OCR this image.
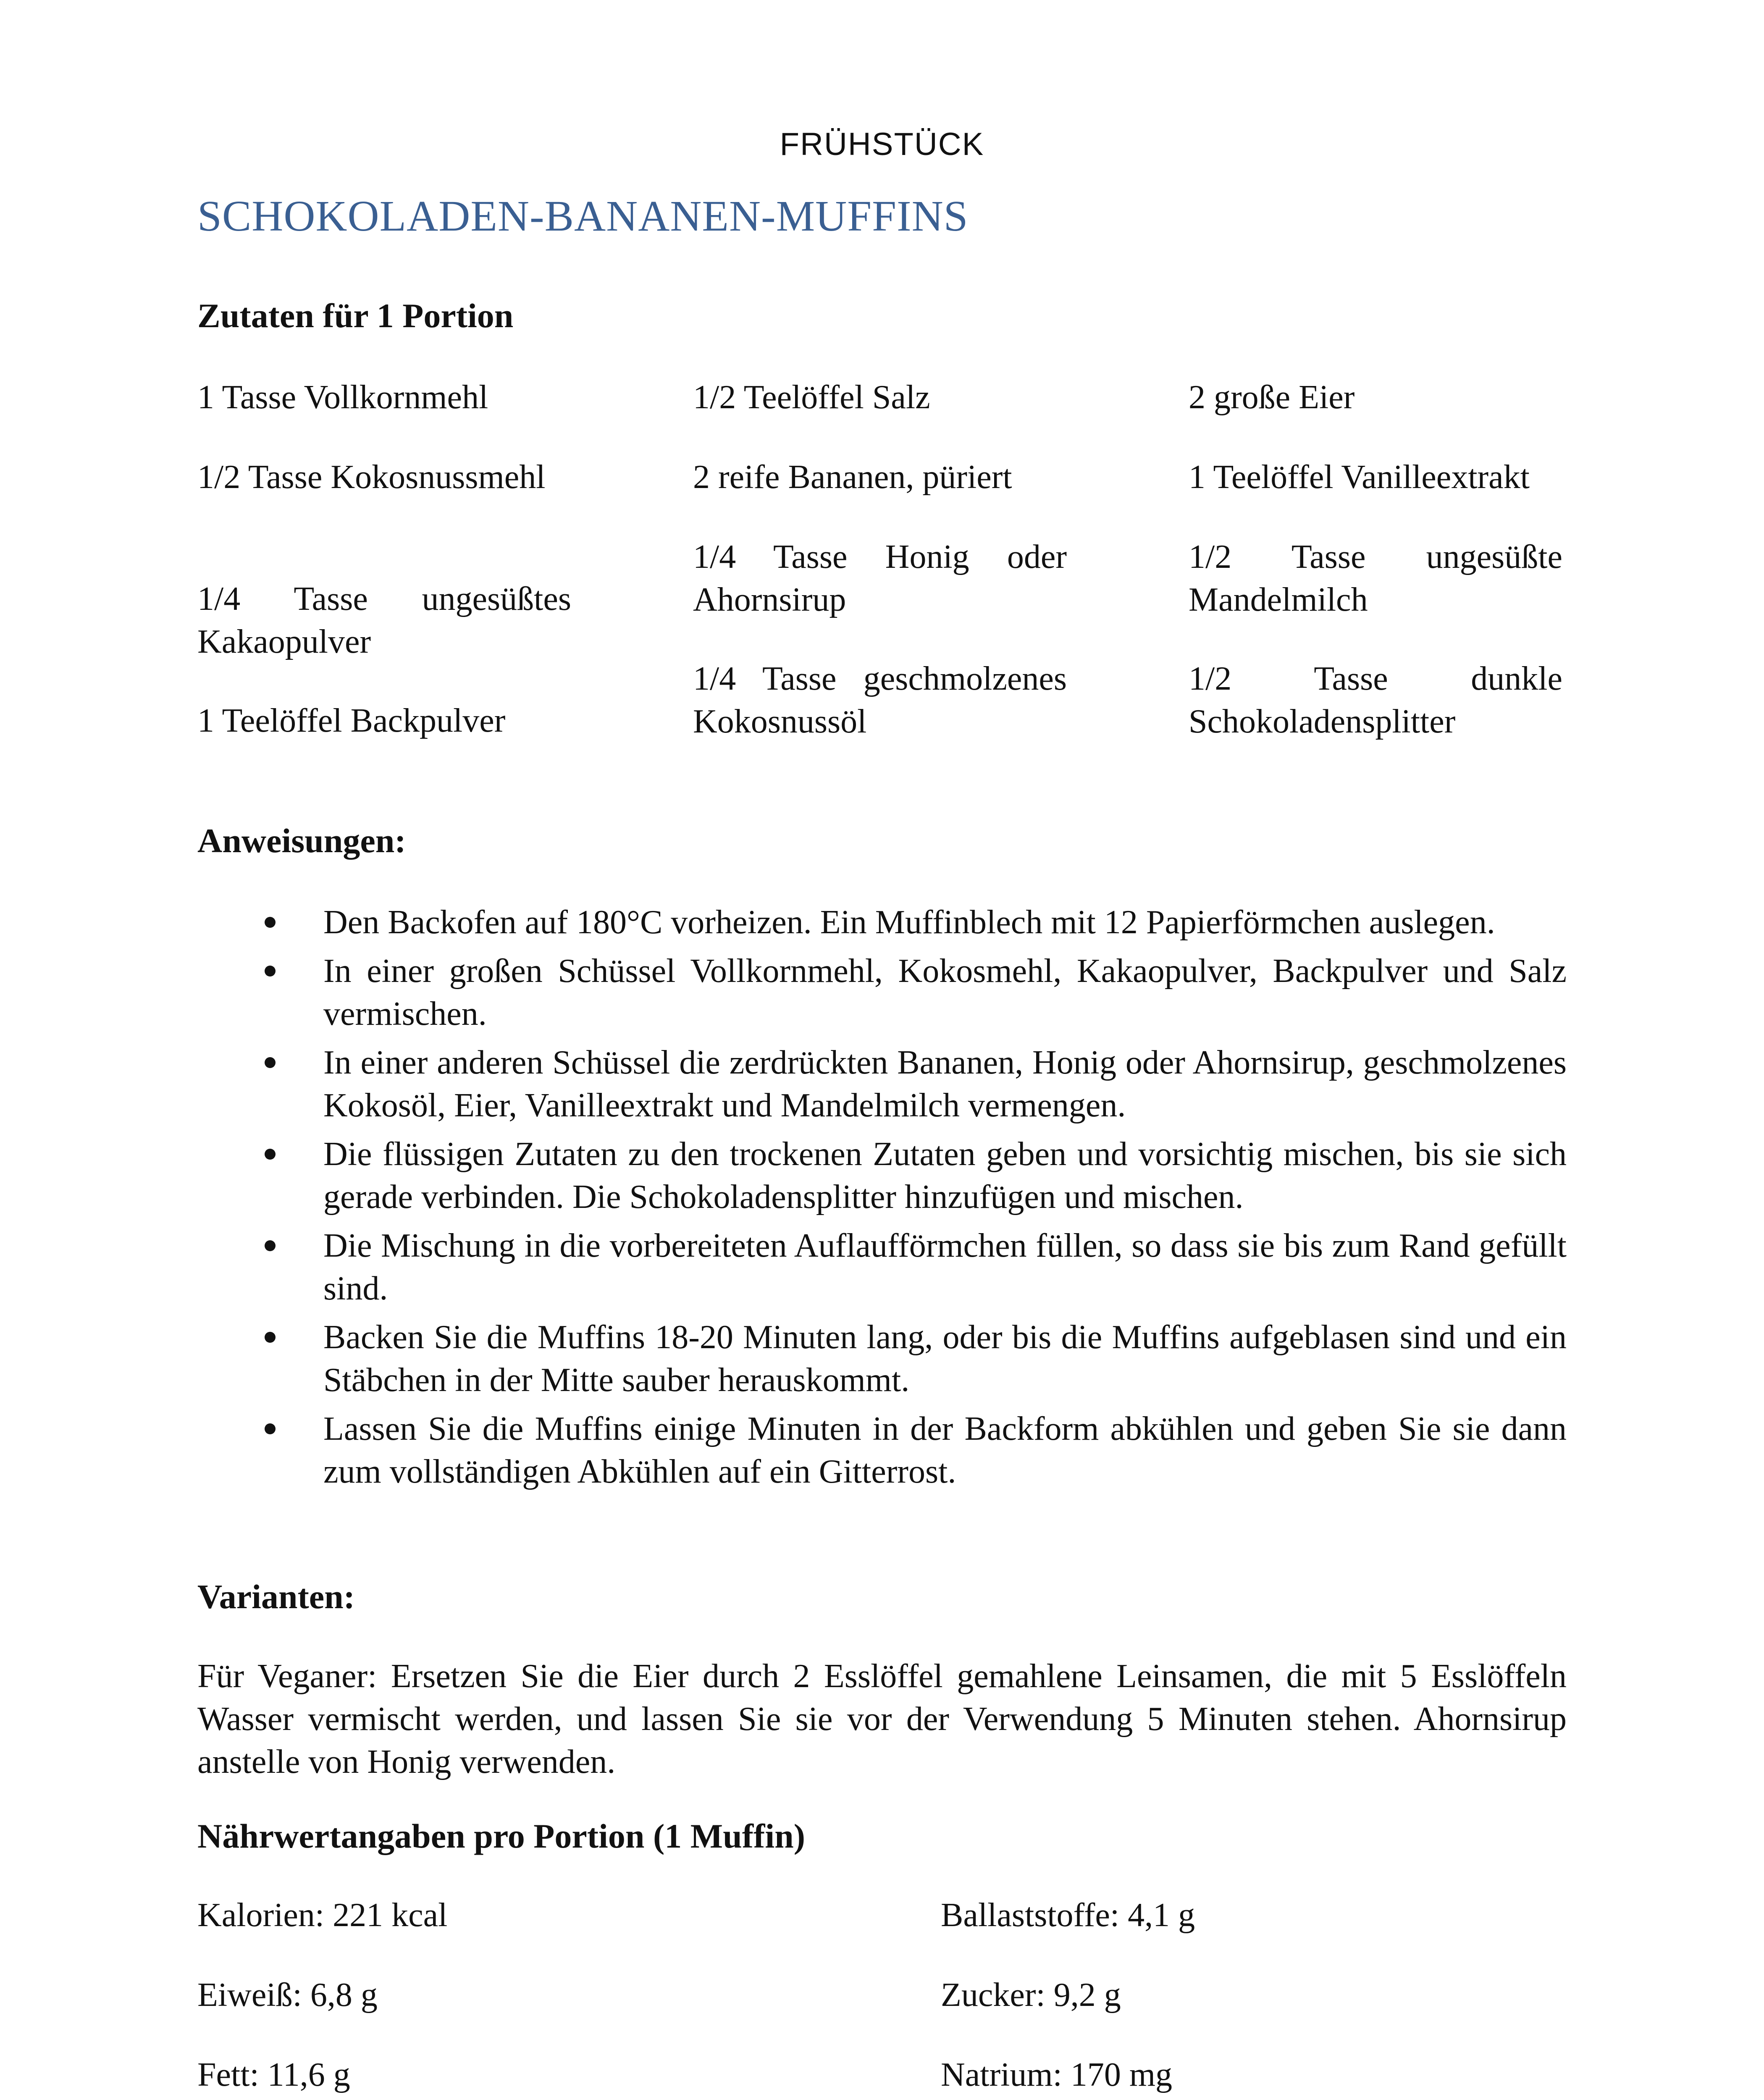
FRÜHSTÜCK
SCHOKOLADEN-BANANEN-MUFFINS
Zutaten für 1 Portion
1 Tasse Vollkornmehl
1/2 Tasse Kokosnussmehl
1/4 Tasse ungesüßtes Kakaopulver
1 Teelöffel Backpulver
1/2 Teelöffel Salz
2 reife Bananen, püriert
1/4 Tasse Honig oder Ahornsirup
1/4 Tasse geschmolzenes Kokosnussöl
2 große Eier
1 Teelöffel Vanilleextrakt
1/2 Tasse ungesüßte Mandelmilch
1/2 Tasse dunkle Schokoladensplitter
Anweisungen:
Den Backofen auf 180°C vorheizen. Ein Muffinblech mit 12 Papierförmchen auslegen.
In einer großen Schüssel Vollkornmehl, Kokosmehl, Kakaopulver, Backpulver und Salz vermischen.
In einer anderen Schüssel die zerdrückten Bananen, Honig oder Ahornsirup, geschmolzenes Kokosöl, Eier, Vanilleextrakt und Mandelmilch vermengen.
Die flüssigen Zutaten zu den trockenen Zutaten geben und vorsichtig mischen, bis sie sich gerade verbinden. Die Schokoladensplitter hinzufügen und mischen.
Die Mischung in die vorbereiteten Auflaufförmchen füllen, so dass sie bis zum Rand gefüllt sind.
Backen Sie die Muffins 18-20 Minuten lang, oder bis die Muffins aufgeblasen sind und ein Stäbchen in der Mitte sauber herauskommt.
Lassen Sie die Muffins einige Minuten in der Backform abkühlen und geben Sie sie dann zum vollständigen Abkühlen auf ein Gitterrost.
Varianten:
Für Veganer: Ersetzen Sie die Eier durch 2 Esslöffel gemahlene Leinsamen, die mit 5 Esslöffeln Wasser vermischt werden, und lassen Sie sie vor der Verwendung 5 Minuten stehen. Ahornsirup anstelle von Honig verwenden.
Nährwertangaben pro Portion (1 Muffin)
Kalorien: 221 kcal
Eiweiß: 6,8 g
Fett: 11,6 g
Ballaststoffe: 4,1 g
Zucker: 9,2 g
Natrium: 170 mg
